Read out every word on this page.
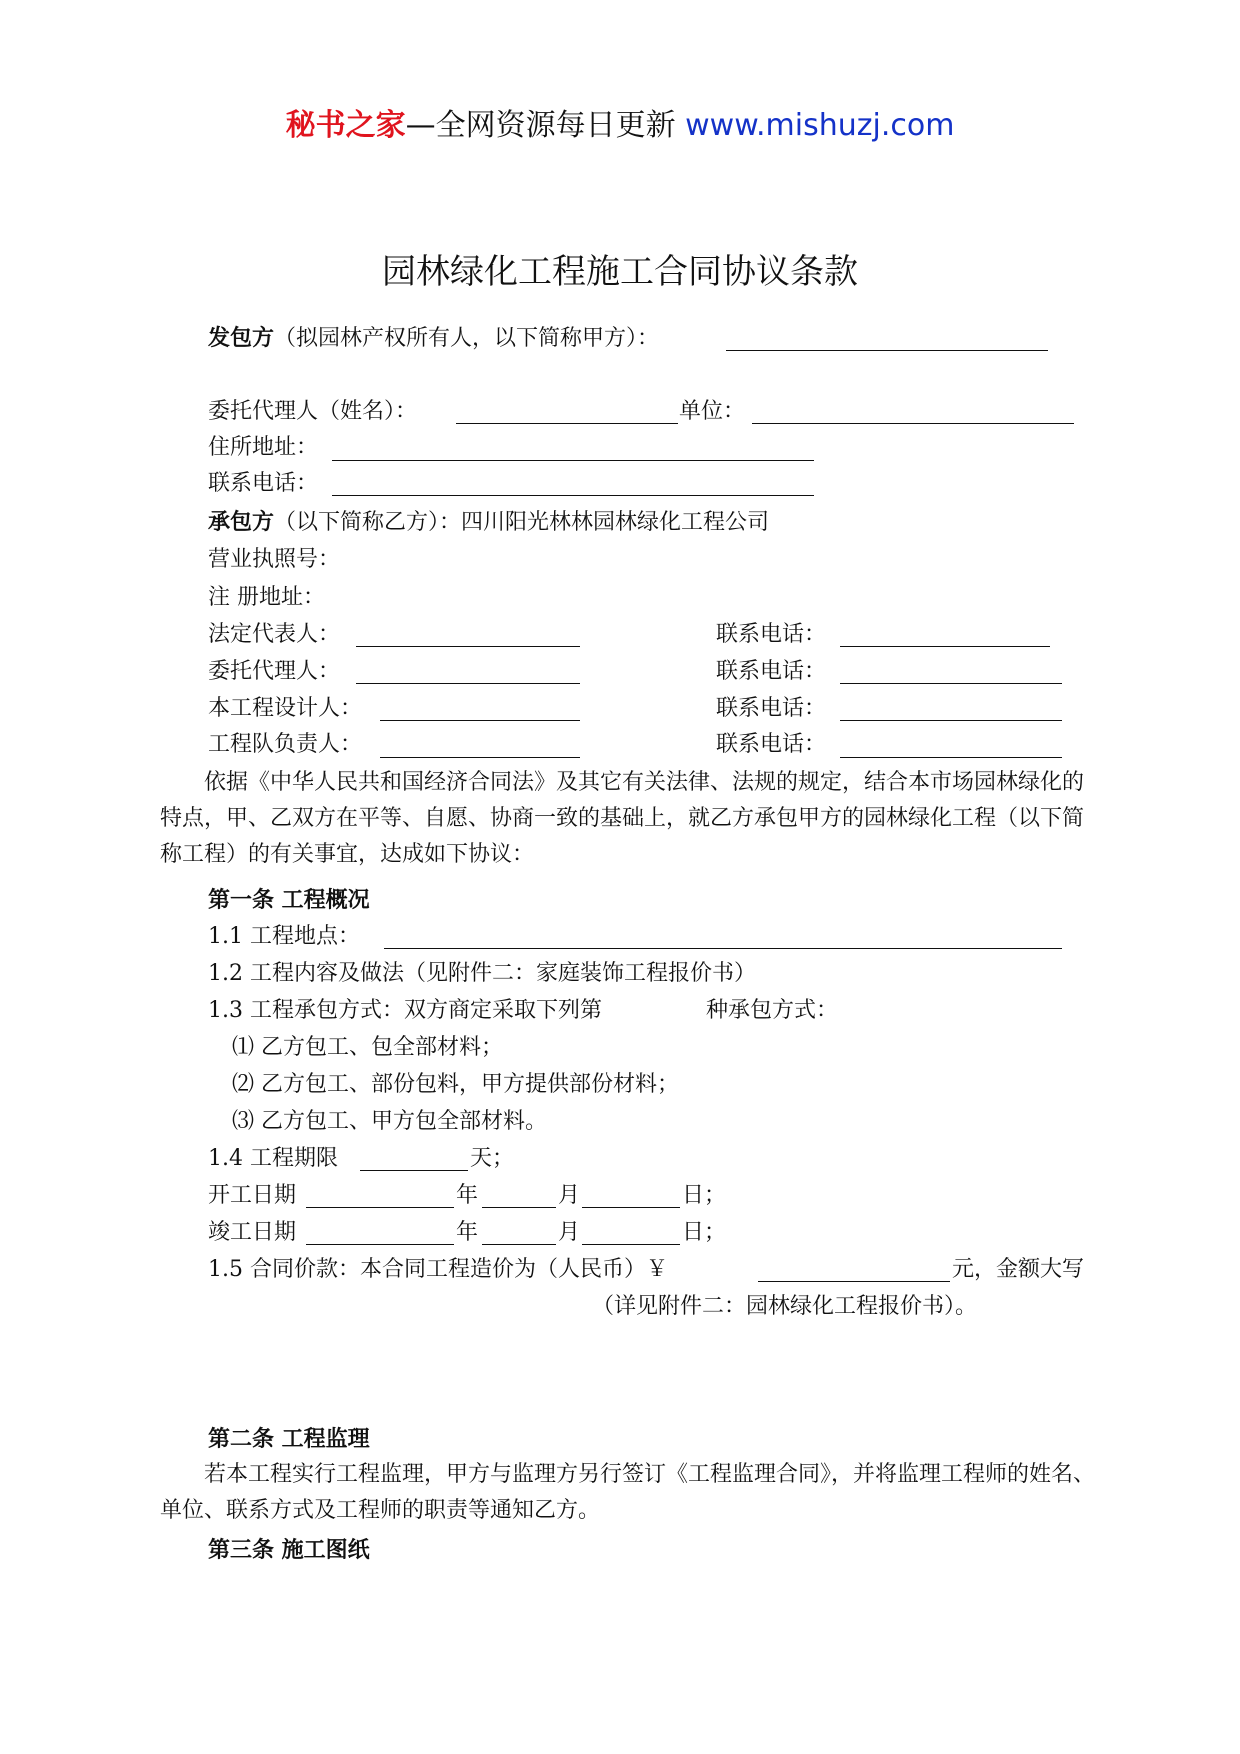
秘书之家—全网资源每日更新 www.mishuzj.com
园林绿化工程施工合同协议条款
发包方（拟园林产权所有人，以下简称甲方）：
委托代理人（姓名）：	单位：
住所地址：
联系电话：
承包方（以下简称乙方）：四川阳光林林园林绿化工程公司
营业执照号：
注 册地址：
法定代表人：	联系电话：
委托代理人：	联系电话：
本工程设计人：	联系电话：
工程队负责人：	联系电话：
依据《中华人民共和国经济合同法》及其它有关法律、法规的规定，结合本市场园林绿化的特点，甲、乙双方在平等、自愿、协商一致的基础上，就乙方承包甲方的园林绿化工程（以下简称工程）的有关事宜，达成如下协议：
第一条 工程概况
1.1 工程地点：
1.2 工程内容及做法（见附件二：家庭装饰工程报价书）
1.3 工程承包方式：双方商定采取下列第	种承包方式：
⑴ 乙方包工、包全部材料；
⑵ 乙方包工、部份包料，甲方提供部份材料；
⑶ 乙方包工、甲方包全部材料。
1.4 工程期限	天；
开工日期	年	月	日；
竣工日期	年	月	日；
1.5 合同价款：本合同工程造价为（人民币）￥	元，金额大写
（详见附件二：园林绿化工程报价书）。
第二条 工程监理
若本工程实行工程监理，甲方与监理方另行签订《工程监理合同》，并将监理工程师的姓名、单位、联系方式及工程师的职责等通知乙方。
第三条 施工图纸
